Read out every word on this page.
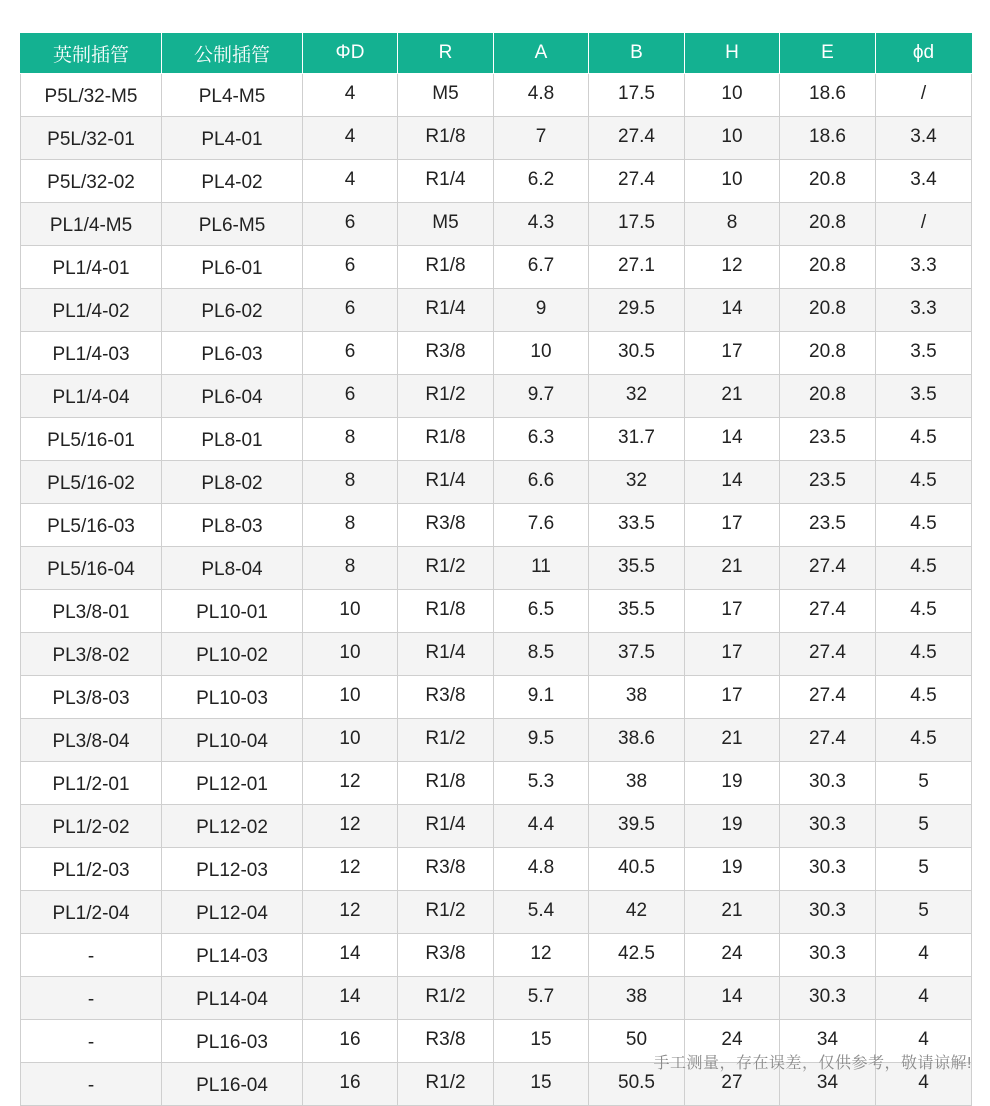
英制插管	公制插管	ΦD	R	A	B	H	E	ϕd
P5L/32-M5	PL4-M5	4	M5	4.8	17.5	10	18.6	/
P5L/32-01	PL4-01	4	R1/8	7	27.4	10	18.6	3.4
P5L/32-02	PL4-02	4	R1/4	6.2	27.4	10	20.8	3.4
PL1/4-M5	PL6-M5	6	M5	4.3	17.5	8	20.8	/
PL1/4-01	PL6-01	6	R1/8	6.7	27.1	12	20.8	3.3
PL1/4-02	PL6-02	6	R1/4	9	29.5	14	20.8	3.3
PL1/4-03	PL6-03	6	R3/8	10	30.5	17	20.8	3.5
PL1/4-04	PL6-04	6	R1/2	9.7	32	21	20.8	3.5
PL5/16-01	PL8-01	8	R1/8	6.3	31.7	14	23.5	4.5
PL5/16-02	PL8-02	8	R1/4	6.6	32	14	23.5	4.5
PL5/16-03	PL8-03	8	R3/8	7.6	33.5	17	23.5	4.5
PL5/16-04	PL8-04	8	R1/2	11	35.5	21	27.4	4.5
PL3/8-01	PL10-01	10	R1/8	6.5	35.5	17	27.4	4.5
PL3/8-02	PL10-02	10	R1/4	8.5	37.5	17	27.4	4.5
PL3/8-03	PL10-03	10	R3/8	9.1	38	17	27.4	4.5
PL3/8-04	PL10-04	10	R1/2	9.5	38.6	21	27.4	4.5
PL1/2-01	PL12-01	12	R1/8	5.3	38	19	30.3	5
PL1/2-02	PL12-02	12	R1/4	4.4	39.5	19	30.3	5
PL1/2-03	PL12-03	12	R3/8	4.8	40.5	19	30.3	5
PL1/2-04	PL12-04	12	R1/2	5.4	42	21	30.3	5
-	PL14-03	14	R3/8	12	42.5	24	30.3	4
-	PL14-04	14	R1/2	5.7	38	14	30.3	4
-	PL16-03	16	R3/8	15	50	24	34	4
-	PL16-04	16	R1/2	15	50.5	27	34	4
手工测量，存在误差，仅供参考，敬请谅解!
